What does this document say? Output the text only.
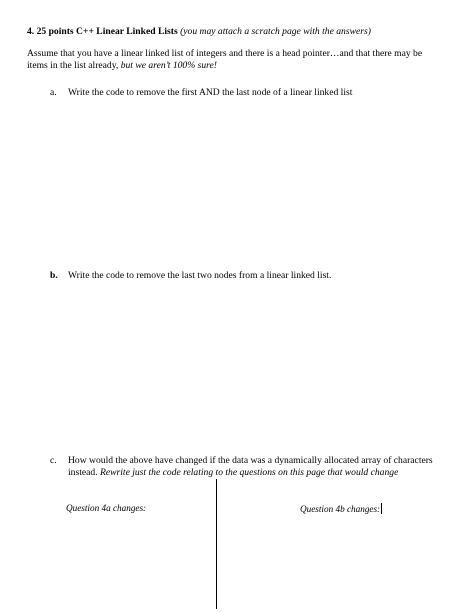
4. 25 points C++ Linear Linked Lists (you may attach a scratch page with the answers)
Assume that you have a linear linked list of integers and there is a head pointer…and that there may be items in the list already, but we aren’t 100% sure!
a. Write the code to remove the first AND the last node of a linear linked list
b. Write the code to remove the last two nodes from a linear linked list.
c. How would the above have changed if the data was a dynamically allocated array of characters instead. Rewrite just the code relating to the questions on this page that would change
Question 4a changes:	Question 4b changes:
